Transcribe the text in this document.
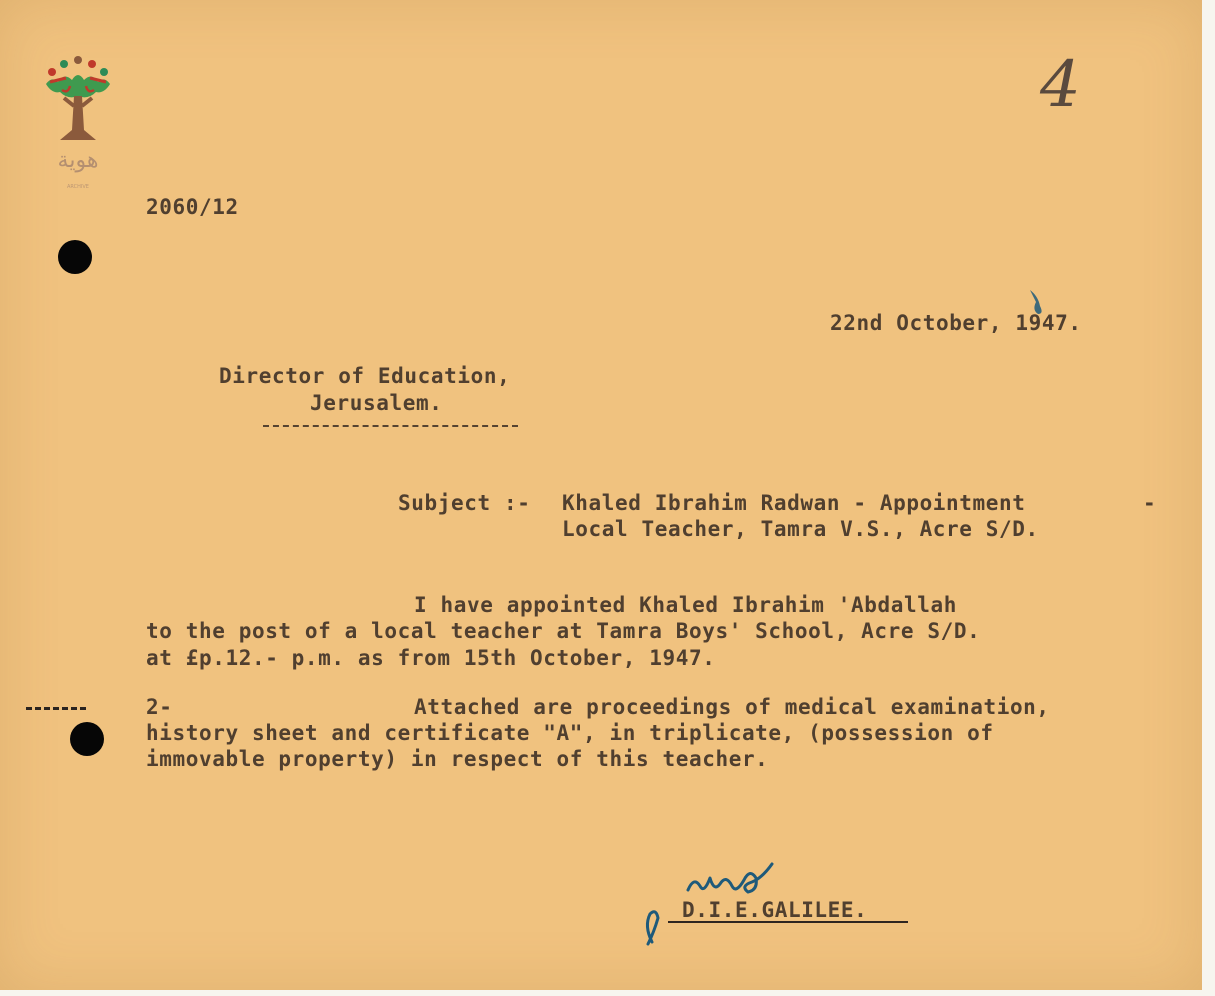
هوية
ARCHIVE
4
2060/12
22nd October, 1947.
Director of Education,
Jerusalem.
Subject :- Khaled Ibrahim Radwan - Appointment	-
Local Teacher, Tamra V.S., Acre S/D.
I have appointed Khaled Ibrahim 'Abdallah
to the post of a local teacher at Tamra Boys' School, Acre S/D.
at £p.12.- p.m. as from 15th October, 1947.
2-	Attached are proceedings of medical examination,
history sheet and certificate "A", in triplicate, (possession of
immovable property) in respect of this teacher.
D.I.E.GALILEE.
